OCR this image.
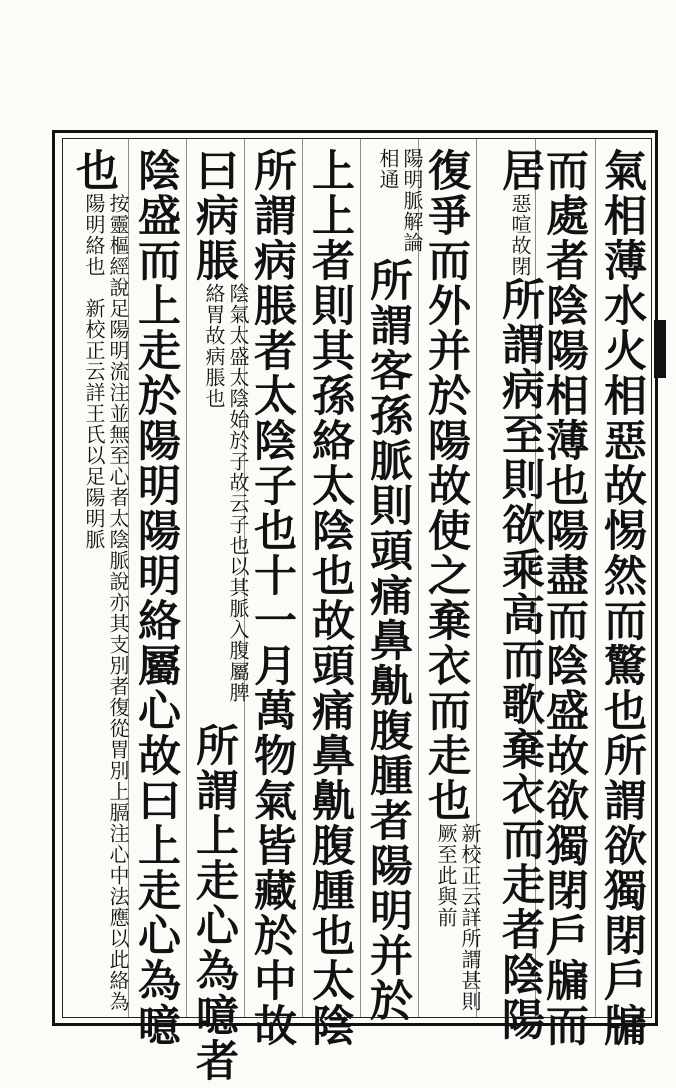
氣相薄水火相惡故惕然而驚也所謂欲獨閉戶牖
而處者陰陽相薄也陽盡而陰盛故欲獨閉戶牖而
居惡喧故閉所謂病至則欲乘高而歌棄衣而走者陰陽
復爭而外并於陽故使之棄衣而走也新校正云詳所謂甚則厥至此與前
陽明脈解論相通所謂客孫脈則頭痛鼻鼽腹腫者陽明并於
上上者則其孫絡太陰也故頭痛鼻鼽腹腫也太陰
所謂病脹者太陰子也十一月萬物氣皆藏於中故
曰病脹陰氣太盛太陰始於子故云子也以其脈入腹屬脾絡胃故病脹也所謂上走心為噫者
陰盛而上走於陽明陽明絡屬心故曰上走心為噫
也按靈樞經說足陽明流注並無至心者太陰脈說亦其支別者復從胃別上膈注心中法應以此絡為陽明絡也　新校正云詳王氏以足陽明脈
